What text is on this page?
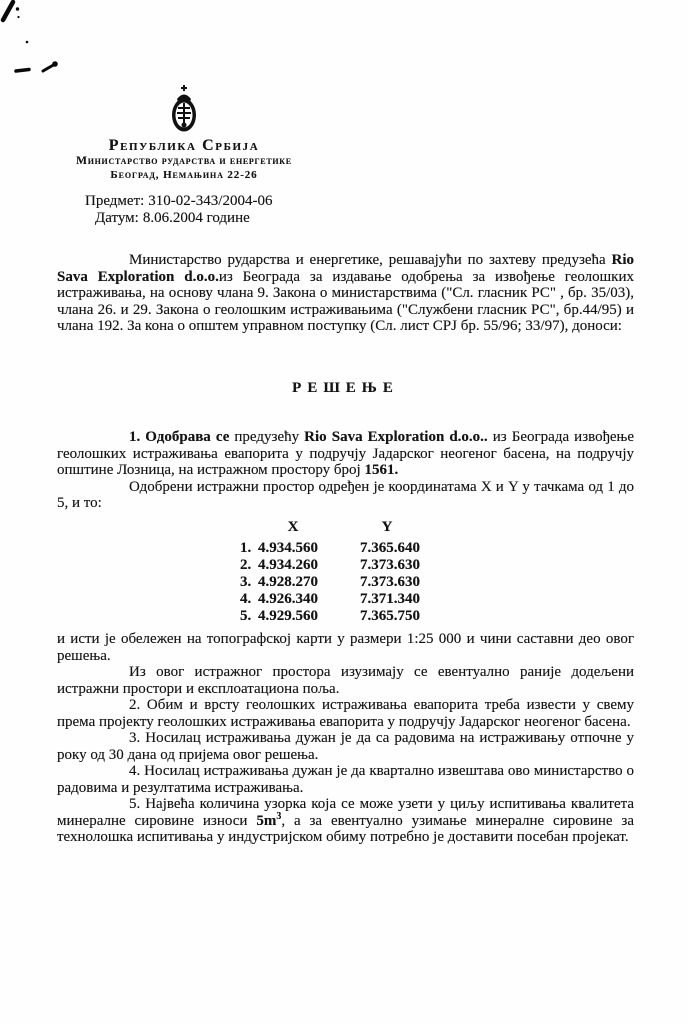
Република Србија
Министарство рударства и енергетике
Београд, Немањина 22-26
Предмет: 310-02-343/2004-06
Датум: 8.06.2004 године

Министарство рударства и енергетике, решавајући по захтеву предузећа Rio Sava Exploration d.o.o.из Београда за издавање одобрења за извођење геолошких истраживања, на основу члана 9. Закона о министарствима ("Сл. гласник РС" , бр. 35/03), члана 26. и 29. Закона о геолошким истраживањима ("Службени гласник РС", бр.44/95) и члана 192. За кона о општем управном поступку (Сл. лист СРЈ бр. 55/96; 33/97), доноси:

РЕШЕЊЕ

1. Одобрава се предузећу Rio Sava Exploration d.o.o.. из Београда извођење геолошких истраживања евапорита у подручју Јадарског неогеног басена, на подручју општине Лозница, на истражном простору број 1561.

Одобрени истражни простор одређен је координатама X и Y у тачкама од 1 до 5, и то:

X	Y
1. 4.934.560	7.365.640
2. 4.934.260	7.373.630
3. 4.928.270	7.373.630
4. 4.926.340	7.371.340
5. 4.929.560	7.365.750

и исти је обележен на топографској карти у размери 1:25 000 и чини саставни део овог решења.

Из овог истражног простора изузимају се евентуално раније додељени истражни простори и експлоатациона поља.

2. Обим и врсту геолошких истраживања евапорита треба извести у свему према пројекту геолошких истраживања евапорита у подручју Јадарског неогеног басена.

3. Носилац истраживања дужан је да са радовима на истраживању отпочне у року од 30 дана од пријема овог решења.

4. Носилац истраживања дужан је да квартално извештава ово министарство о радовима и резултатима истраживања.

5. Највећа количина узорка која се може узети у циљу испитивања квалитета минералне сировине износи $5m^3$, а за евентуално узимање минералне сировине за технолошка испитивања у индустријском обиму потребно је доставити посебан пројекат.
